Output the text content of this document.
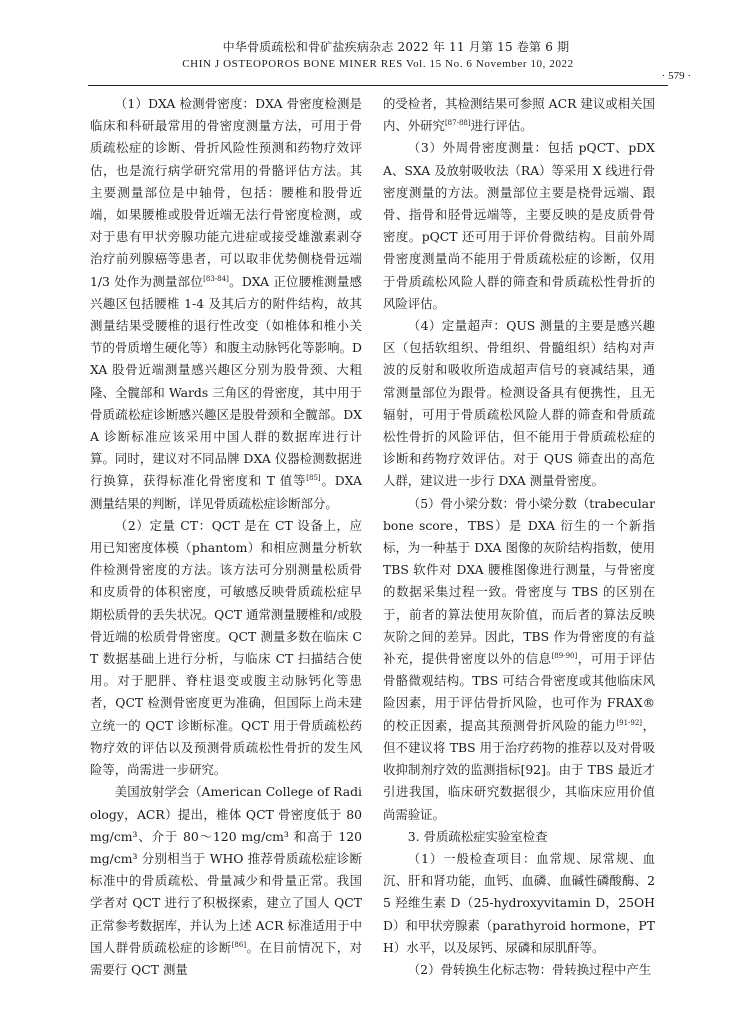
中华骨质疏松和骨矿盐疾病杂志 2022 年 11 月第 15 卷第 6 期
CHIN J OSTEOPOROS BONE MINER RES Vol. 15 No. 6 November 10, 2022
· 579 ·

（1）DXA 检测骨密度：DXA 骨密度检测是临床和科研最常用的骨密度测量方法，可用于骨质疏松症的诊断、骨折风险性预测和药物疗效评估，也是流行病学研究常用的骨骼评估方法。其主要测量部位是中轴骨，包括：腰椎和股骨近端，如果腰椎或股骨近端无法行骨密度检测，或对于患有甲状旁腺功能亢进症或接受雄激素剥夺治疗前列腺癌等患者，可以取非优势侧桡骨远端 1/3 处作为测量部位[83-84]。DXA 正位腰椎测量感兴趣区包括腰椎 1-4 及其后方的附件结构，故其测量结果受腰椎的退行性改变（如椎体和椎小关节的骨质增生硬化等）和腹主动脉钙化等影响。DXA 股骨近端测量感兴趣区分别为股骨颈、大粗隆、全髋部和 Wards 三角区的骨密度，其中用于骨质疏松症诊断感兴趣区是股骨颈和全髋部。DXA 诊断标准应该采用中国人群的数据库进行计算。同时，建议对不同品牌 DXA 仪器检测数据进行换算，获得标准化骨密度和 T 值等[85]。DXA 测量结果的判断，详见骨质疏松症诊断部分。

（2）定量 CT：QCT 是在 CT 设备上，应用已知密度体模（phantom）和相应测量分析软件检测骨密度的方法。该方法可分别测量松质骨和皮质骨的体积密度，可敏感反映骨质疏松症早期松质骨的丢失状况。QCT 通常测量腰椎和/或股骨近端的松质骨骨密度。QCT 测量多数在临床 CT 数据基础上进行分析，与临床 CT 扫描结合使用。对于肥胖、脊柱退变或腹主动脉钙化等患者，QCT 检测骨密度更为准确，但国际上尚未建立统一的 QCT 诊断标准。QCT 用于骨质疏松药物疗效的评估以及预测骨质疏松性骨折的发生风险等，尚需进一步研究。

美国放射学会（American College of Radiology，ACR）提出，椎体 QCT 骨密度低于 80 mg/cm³、介于 80～120 mg/cm³ 和高于 120 mg/cm³ 分别相当于 WHO 推荐骨质疏松症诊断标准中的骨质疏松、骨量减少和骨量正常。我国学者对 QCT 进行了积极探索，建立了国人 QCT 正常参考数据库，并认为上述 ACR 标准适用于中国人群骨质疏松症的诊断[86]。在目前情况下，对需要行 QCT 测量

的受检者，其检测结果可参照 ACR 建议或相关国内、外研究[87-88]进行评估。

（3）外周骨密度测量：包括 pQCT、pDXA、SXA 及放射吸收法（RA）等采用 X 线进行骨密度测量的方法。测量部位主要是桡骨远端、跟骨、指骨和胫骨远端等，主要反映的是皮质骨骨密度。pQCT 还可用于评价骨微结构。目前外周骨密度测量尚不能用于骨质疏松症的诊断，仅用于骨质疏松风险人群的筛查和骨质疏松性骨折的风险评估。

（4）定量超声：QUS 测量的主要是感兴趣区（包括软组织、骨组织、骨髓组织）结构对声波的反射和吸收所造成超声信号的衰减结果，通常测量部位为跟骨。检测设备具有便携性，且无辐射，可用于骨质疏松风险人群的筛查和骨质疏松性骨折的风险评估，但不能用于骨质疏松症的诊断和药物疗效评估。对于 QUS 筛查出的高危人群，建议进一步行 DXA 测量骨密度。

（5）骨小梁分数：骨小梁分数（trabecular bone score，TBS）是 DXA 衍生的一个新指标，为一种基于 DXA 图像的灰阶结构指数，使用 TBS 软件对 DXA 腰椎图像进行测量，与骨密度的数据采集过程一致。骨密度与 TBS 的区别在于，前者的算法使用灰阶值，而后者的算法反映灰阶之间的差异。因此，TBS 作为骨密度的有益补充，提供骨密度以外的信息[89-90]，可用于评估骨骼微观结构。TBS 可结合骨密度或其他临床风险因素，用于评估骨折风险，也可作为 FRAX® 的校正因素，提高其预测骨折风险的能力[91-92]，但不建议将 TBS 用于治疗药物的推荐以及对骨吸收抑制剂疗效的监测指标[92]。由于 TBS 最近才引进我国，临床研究数据很少，其临床应用价值尚需验证。

3. 骨质疏松症实验室检查

（1）一般检查项目：血常规、尿常规、血沉、肝和肾功能，血钙、血磷、血碱性磷酸酶、25 羟维生素 D（25-hydroxyvitamin D，25OHD）和甲状旁腺素（parathyroid hormone，PTH）水平，以及尿钙、尿磷和尿肌酐等。

（2）骨转换生化标志物：骨转换过程中产生
